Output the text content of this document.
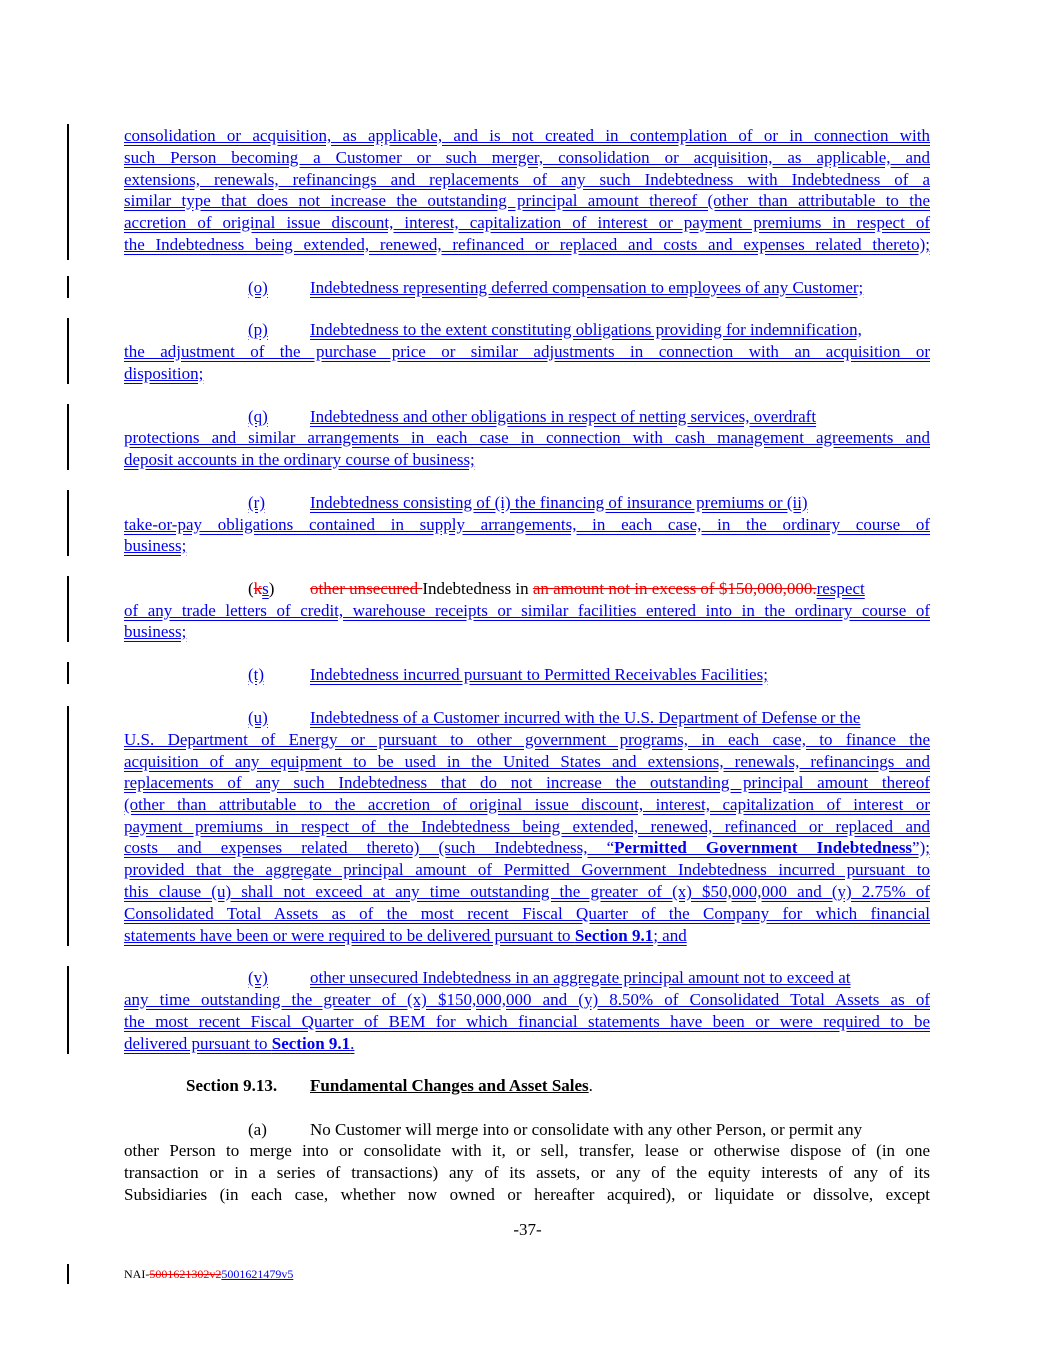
consolidation or acquisition, as applicable, and is not created in contemplation of or in connection with
such Person becoming a Customer or such merger, consolidation or acquisition, as applicable, and
extensions, renewals, refinancings and replacements of any such Indebtedness with Indebtedness of a
similar type that does not increase the outstanding principal amount thereof (other than attributable to the
accretion of original issue discount, interest, capitalization of interest or payment premiums in respect of
the Indebtedness being extended, renewed, refinanced or replaced and costs and expenses related thereto);
(o) Indebtedness representing deferred compensation to employees of any Customer;
(p) Indebtedness to the extent constituting obligations providing for indemnification,
the adjustment of the purchase price or similar adjustments in connection with an acquisition or
disposition;
(q) Indebtedness and other obligations in respect of netting services, overdraft
protections and similar arrangements in each case in connection with cash management agreements and
deposit accounts in the ordinary course of business;
(r)	Indebtedness consisting of (i) the financing of insurance premiums or (ii)
take-or-pay obligations contained in supply arrangements, in each case, in the ordinary course of
business;
(ks) other unsecured Indebtedness in an amount not in excess of $150,000,000.respect
of any trade letters of credit, warehouse receipts or similar facilities entered into in the ordinary course of
business;
(t)	Indebtedness incurred pursuant to Permitted Receivables Facilities;
(u) Indebtedness of a Customer incurred with the U.S. Department of Defense or the
U.S. Department of Energy or pursuant to other government programs, in each case, to finance the
acquisition of any equipment to be used in the United States and extensions, renewals, refinancings and
replacements of any such Indebtedness that do not increase the outstanding principal amount thereof
(other than attributable to the accretion of original issue discount, interest, capitalization of interest or
payment premiums in respect of the Indebtedness being extended, renewed, refinanced or replaced and
costs and expenses related thereto) (such Indebtedness, “Permitted Government Indebtedness”);
provided that the aggregate principal amount of Permitted Government Indebtedness incurred pursuant to
this clause (u) shall not exceed at any time outstanding the greater of (x) $50,000,000 and (y) 2.75% of
Consolidated Total Assets as of the most recent Fiscal Quarter of the Company for which financial
statements have been or were required to be delivered pursuant to Section 9.1; and
(v) other unsecured Indebtedness in an aggregate principal amount not to exceed at
any time outstanding the greater of (x) $150,000,000 and (y) 8.50% of Consolidated Total Assets as of
the most recent Fiscal Quarter of BEM for which financial statements have been or were required to be
delivered pursuant to Section 9.1.
Section 9.13. Fundamental Changes and Asset Sales.
(a)	No Customer will merge into or consolidate with any other Person, or permit any
other Person to merge into or consolidate with it, or sell, transfer, lease or otherwise dispose of (in one
transaction or in a series of transactions) any of its assets, or any of the equity interests of any of its
Subsidiaries (in each case, whether now owned or hereafter acquired), or liquidate or dissolve, except
-37-
NAI-5001621302v25001621479v5
